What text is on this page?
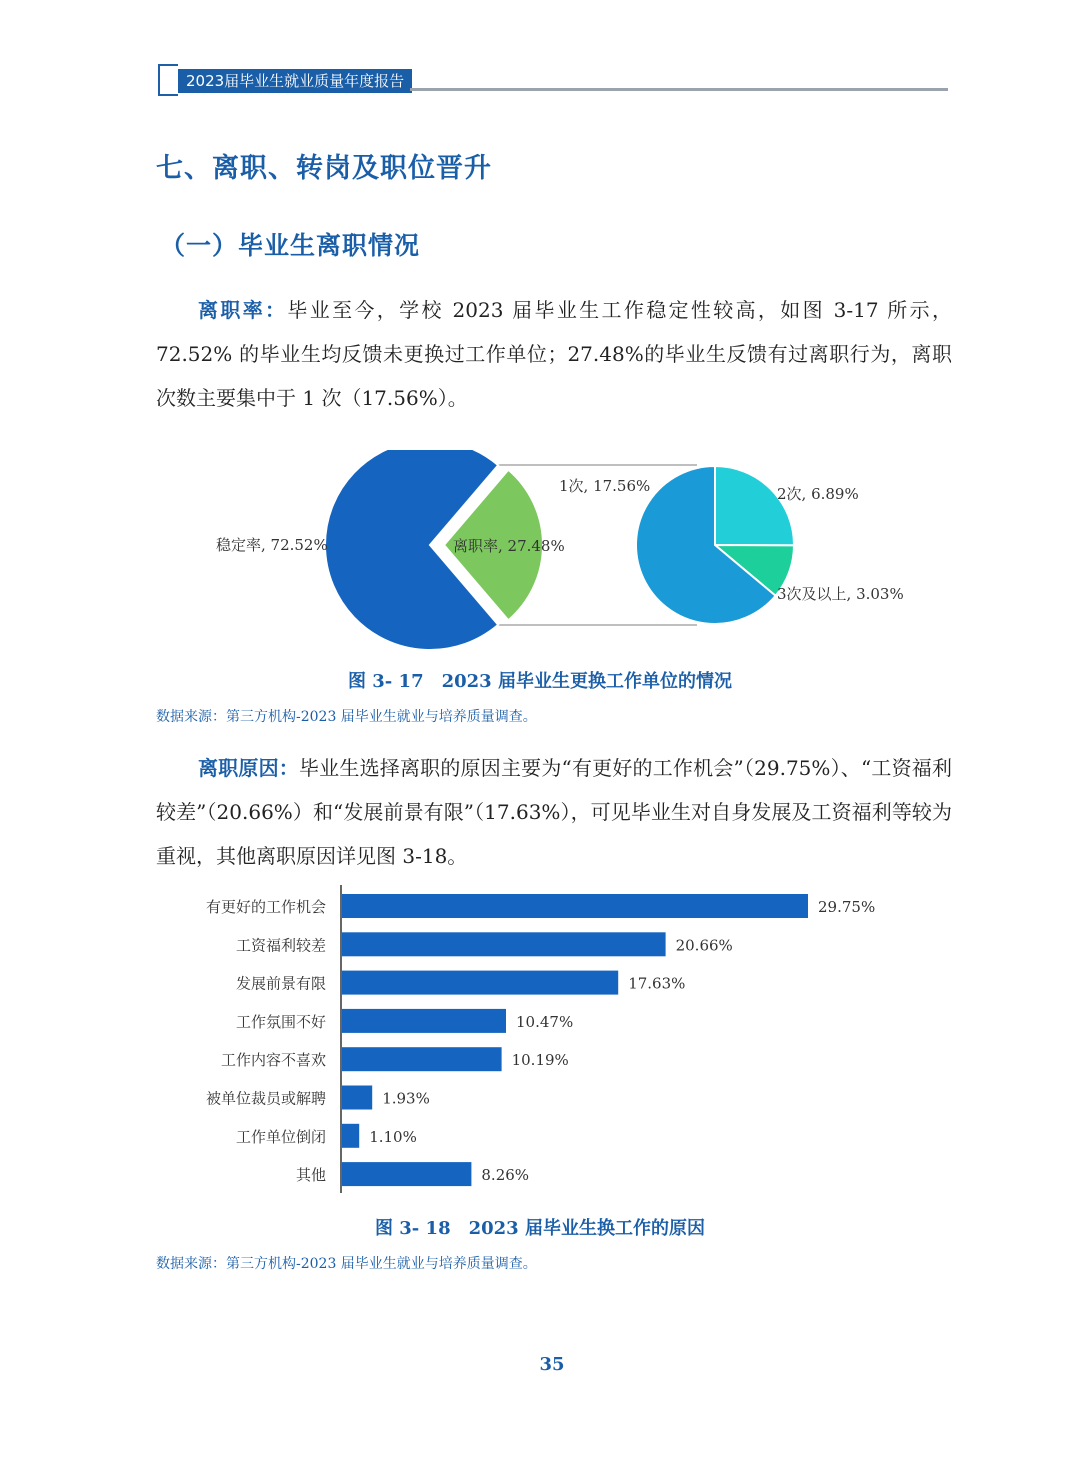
2023届毕业生就业质量年度报告
七、离职、转岗及职位晋升
（一）毕业生离职情况
离职率：毕业至今，学校 2023 届毕业生工作稳定性较高，如图 3-17 所示，72.52% 的毕业生均反馈未更换过工作单位；27.48%的毕业生反馈有过离职行为，离职次数主要集中于 1 次（17.56%）。
稳定率, 72.52%	离职率, 27.48%
1次, 17.56%	2次, 6.89%
3次及以上, 3.03%
图 3- 17　2023 届毕业生更换工作单位的情况
数据来源：第三方机构-2023 届毕业生就业与培养质量调查。
离职原因：毕业生选择离职的原因主要为“有更好的工作机会”（29.75%）、“工资福利较差”（20.66%）和“发展前景有限”（17.63%），可见毕业生对自身发展及工资福利等较为重视，其他离职原因详见图 3-18。
有更好的工作机会	29.75%
工资福利较差	20.66%
发展前景有限	17.63%
工作氛围不好	10.47%
工作内容不喜欢	10.19%
被单位裁员或解聘	1.93%
工作单位倒闭	1.10%
其他	8.26%
图 3- 18　2023 届毕业生换工作的原因
数据来源：第三方机构-2023 届毕业生就业与培养质量调查。
35
